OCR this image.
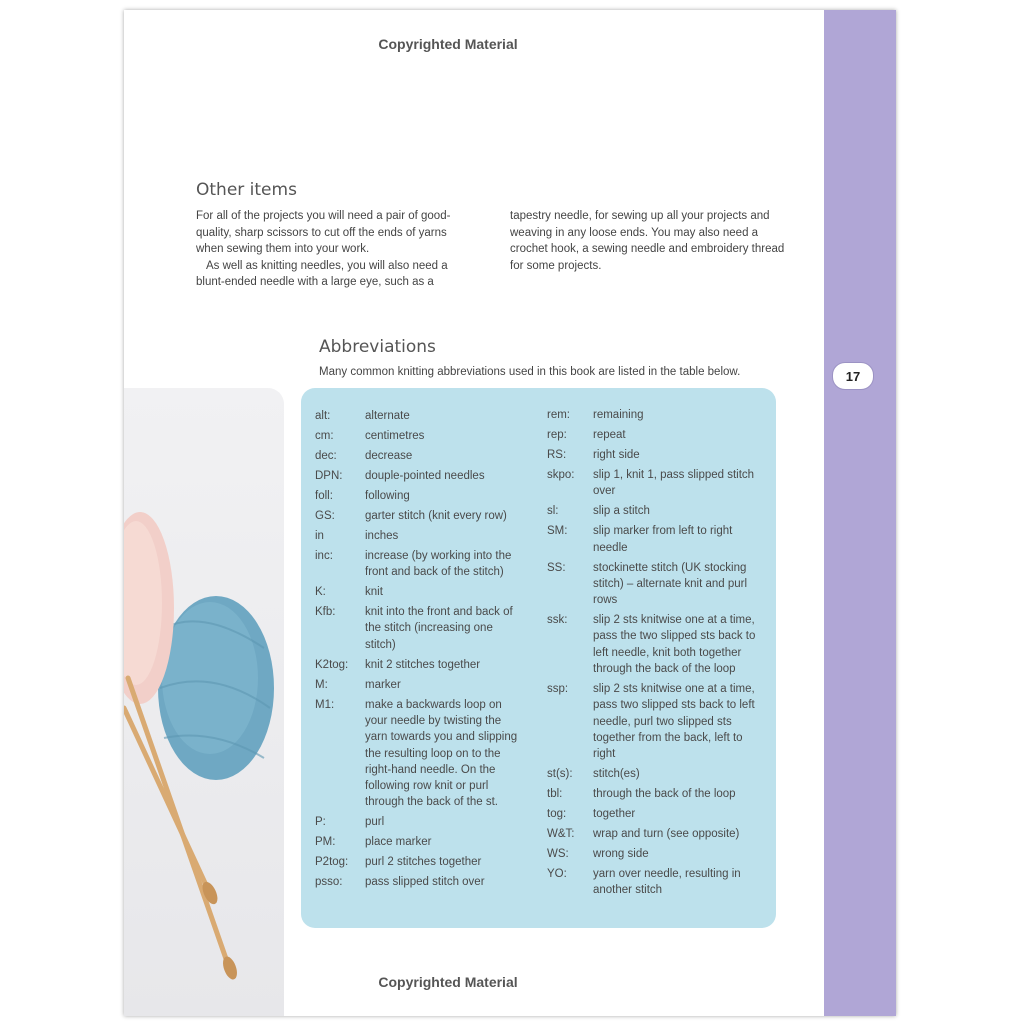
17
Copyrighted Material
Other items

For all of the projects you will need a pair of good-quality, sharp scissors to cut off the ends of yarns when sewing them into your work.

As well as knitting needles, you will also need a blunt-ended needle with a large eye, such as a

tapestry needle, for sewing up all your projects and weaving in any loose ends. You may also need a crochet hook, a sewing needle and embroidery thread for some projects.

Abbreviations
Many common knitting abbreviations used in this book are listed in the table below.
alt:	alternate
cm:	centimetres
dec:	decrease
DPN:	douple-pointed needles
foll:	following
GS:	garter stitch (knit every row)
in	inches
inc:	increase (by working into the front and back of the stitch)
K:	knit
Kfb:	knit into the front and back of the stitch (increasing one stitch)
K2tog:	knit 2 stitches together
M:	marker
M1:	make a backwards loop on your needle by twisting the yarn towards you and slipping the resulting loop on to the right-hand needle. On the following row knit or purl through the back of the st.
P:	purl
PM:	place marker
P2tog:	purl 2 stitches together
psso:	pass slipped stitch over
rem:	remaining
rep:	repeat
RS:	right side
skpo:	slip 1, knit 1, pass slipped stitch over
sl:	slip a stitch
SM:	slip marker from left to right needle
SS:	stockinette stitch (UK stocking stitch) – alternate knit and purl rows
ssk:	slip 2 sts knitwise one at a time, pass the two slipped sts back to left needle, knit both together through the back of the loop
ssp:	slip 2 sts knitwise one at a time, pass two slipped sts back to left needle, purl two slipped sts together from the back, left to right
st(s):	stitch(es)
tbl:	through the back of the loop
tog:	together
W&T:	wrap and turn (see opposite)
WS:	wrong side
YO:	yarn over needle, resulting in another stitch
Copyrighted Material
